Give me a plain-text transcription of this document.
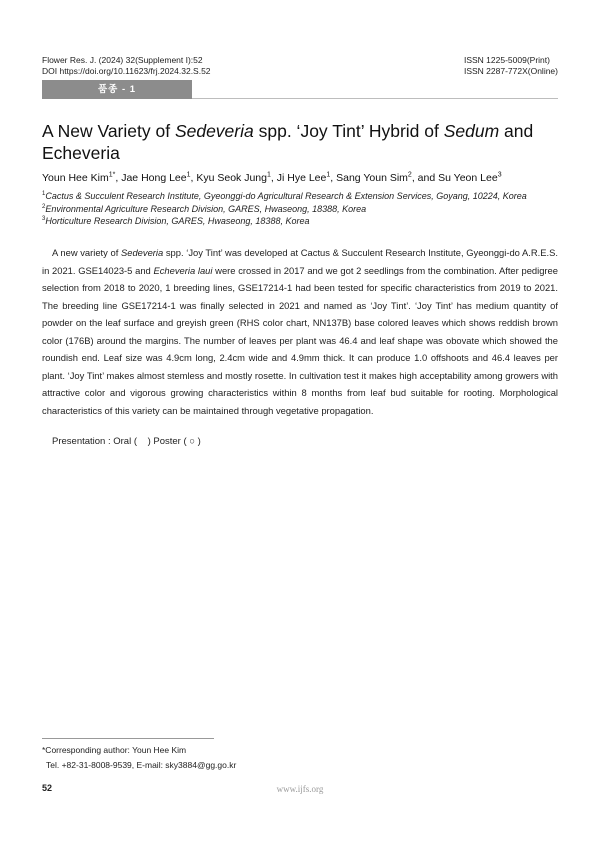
Flower Res. J. (2024) 32(Supplement I):52
DOI https://doi.org/10.11623/frj.2024.32.S.52
ISSN 1225-5009(Print)
ISSN 2287-772X(Online)
품종 - 1
A New Variety of Sedeveria spp. ‘Joy Tint’ Hybrid of Sedum and Echeveria
Youn Hee Kim$^{1*}$, Jae Hong Lee$^1$, Kyu Seok Jung$^1$, Ji Hye Lee$^1$, Sang Youn Sim$^2$, and Su Yeon Lee$^3$
$^1$Cactus & Succulent Research Institute, Gyeonggi-do Agricultural Research & Extension Services, Goyang, 10224, Korea
$^2$Environmental Agriculture Research Division, GARES, Hwaseong, 18388, Korea
$^3$Horticulture Research Division, GARES, Hwaseong, 18388, Korea

A new variety of Sedeveria spp. ‘Joy Tint’ was developed at Cactus & Succulent Research Institute, Gyeonggi-do A.R.E.S. in 2021. GSE14023-5 and Echeveria laui were crossed in 2017 and we got 2 seedlings from the combination. After pedigree selection from 2018 to 2020, 1 breeding lines, GSE17214-1 had been tested for specific characteristics from 2019 to 2021. The breeding line GSE17214-1 was finally selected in 2021 and named as ‘Joy Tint’. ‘Joy Tint’ has medium quantity of powder on the leaf surface and greyish green (RHS color chart, NN137B) base colored leaves which shows reddish brown color (176B) around the margins. The number of leaves per plant was 46.4 and leaf shape was obovate which showed the roundish end. Leaf size was 4.9cm long, 2.4cm wide and 4.9mm thick. It can produce 1.0 offshoots and 46.4 leaves per plant. ‘Joy Tint’ makes almost stemless and mostly rosette. In cultivation test it makes high acceptability among growers with attractive color and vigorous growing characteristics within 8 months from leaf bud suitable for rooting. Morphological characteristics of this variety can be maintained through vegetative propagation.

Presentation : Oral (    ) Poster ( ○ )
*Corresponding author: Youn Hee Kim
Tel. +82-31-8008-9539, E-mail: sky3884@gg.go.kr
52	www.ijfs.org
